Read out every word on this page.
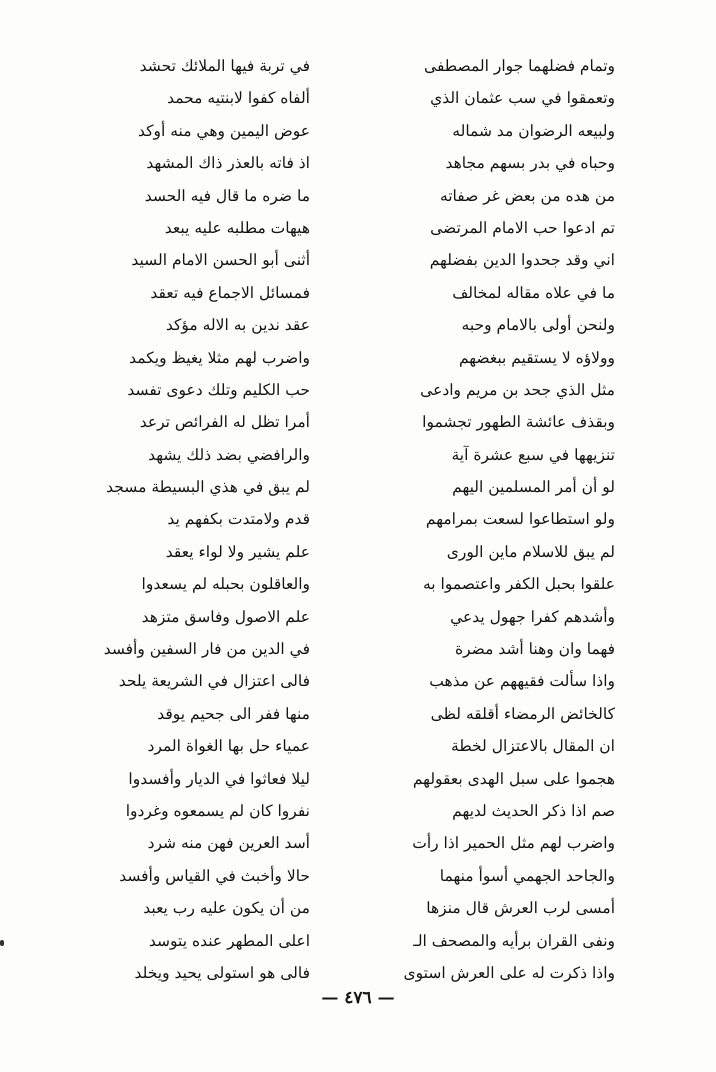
وتمام فضلهما جوار المصطفى
وتعمقوا في سب عثمان الذي
ولبيعه الرضوان مد شماله
وحباه في بدر بسهم مجاهد
من هده من بعض غر صفاته
تم ادعوا حب الامام المرتضى
اني وقد جحدوا الدين بفضلهم
ما في علاه مقاله لمخالف
ولنحن أولى بالامام وحبه
وولاؤه لا يستقيم ببغضهم
مثل الذي جحد بن مريم وادعى
وبقذف عائشة الطهور تجشموا
تنزيهها في سبع عشرة آية
لو أن أمر المسلمين اليهم
ولو استطاعوا لسعت بمرامهم
لم يبق للاسلام ماين الورى
علقوا بحبل الكفر واعتصموا به
وأشدهم كفرا جهول يدعي
فهما وان وهنا أشد مضرة
واذا سألت فقيههم عن مذهب
كالخائض الرمضاء أقلقه لظى
ان المقال بالاعتزال لخطة
هجموا على سبل الهدى بعقولهم
صم اذا ذكر الحديث لديهم
واضرب لهم مثل الحمير اذا رأت
والجاحد الجهمي أسوأ منهما
أمسى لرب العرش قال منزها
ونفى القران برأيه والمصحف الـ
واذا ذكرت له على العرش استوى
في تربة فيها الملائك تحشد
ألفاه كفوا لابنتيه محمد
عوض اليمين وهي منه أوكد
اذ فاته بالعذر ذاك المشهد
ما ضره ما قال فيه الحسد
هيهات مطلبه عليه يبعد
أثنى أبو الحسن الامام السيد
فمسائل الاجماع فيه تعقد
عقد ندين به الاله مؤكد
واضرب لهم مثلا يغيظ ويكمد
حب الكليم وتلك دعوى تفسد
أمرا تظل له الفرائص ترعد
والرافضي بضد ذلك يشهد
لم يبق في هذي البسيطة مسجد
قدم ولامتدت بكفهم يد
علم يشير ولا لواء يعقد
والعاقلون بحبله لم يسعدوا
علم الاصول وفاسق متزهد
في الدين من فار السفين وأفسد
فالى اعتزال في الشريعة يلحد
منها ففر الى جحيم يوقد
عمياء حل بها الغواة المرد
ليلا فعاثوا في الديار وأفسدوا
نفروا كان لم يسمعوه وغردوا
أسد العرين فهن منه شرد
حالا وأخبث في القياس وأفسد
من أن يكون عليه رب يعبد
اعلى المطهر عنده يتوسد
فالى هو استولى يحيد ويخلد
— ٤٧٦ —
